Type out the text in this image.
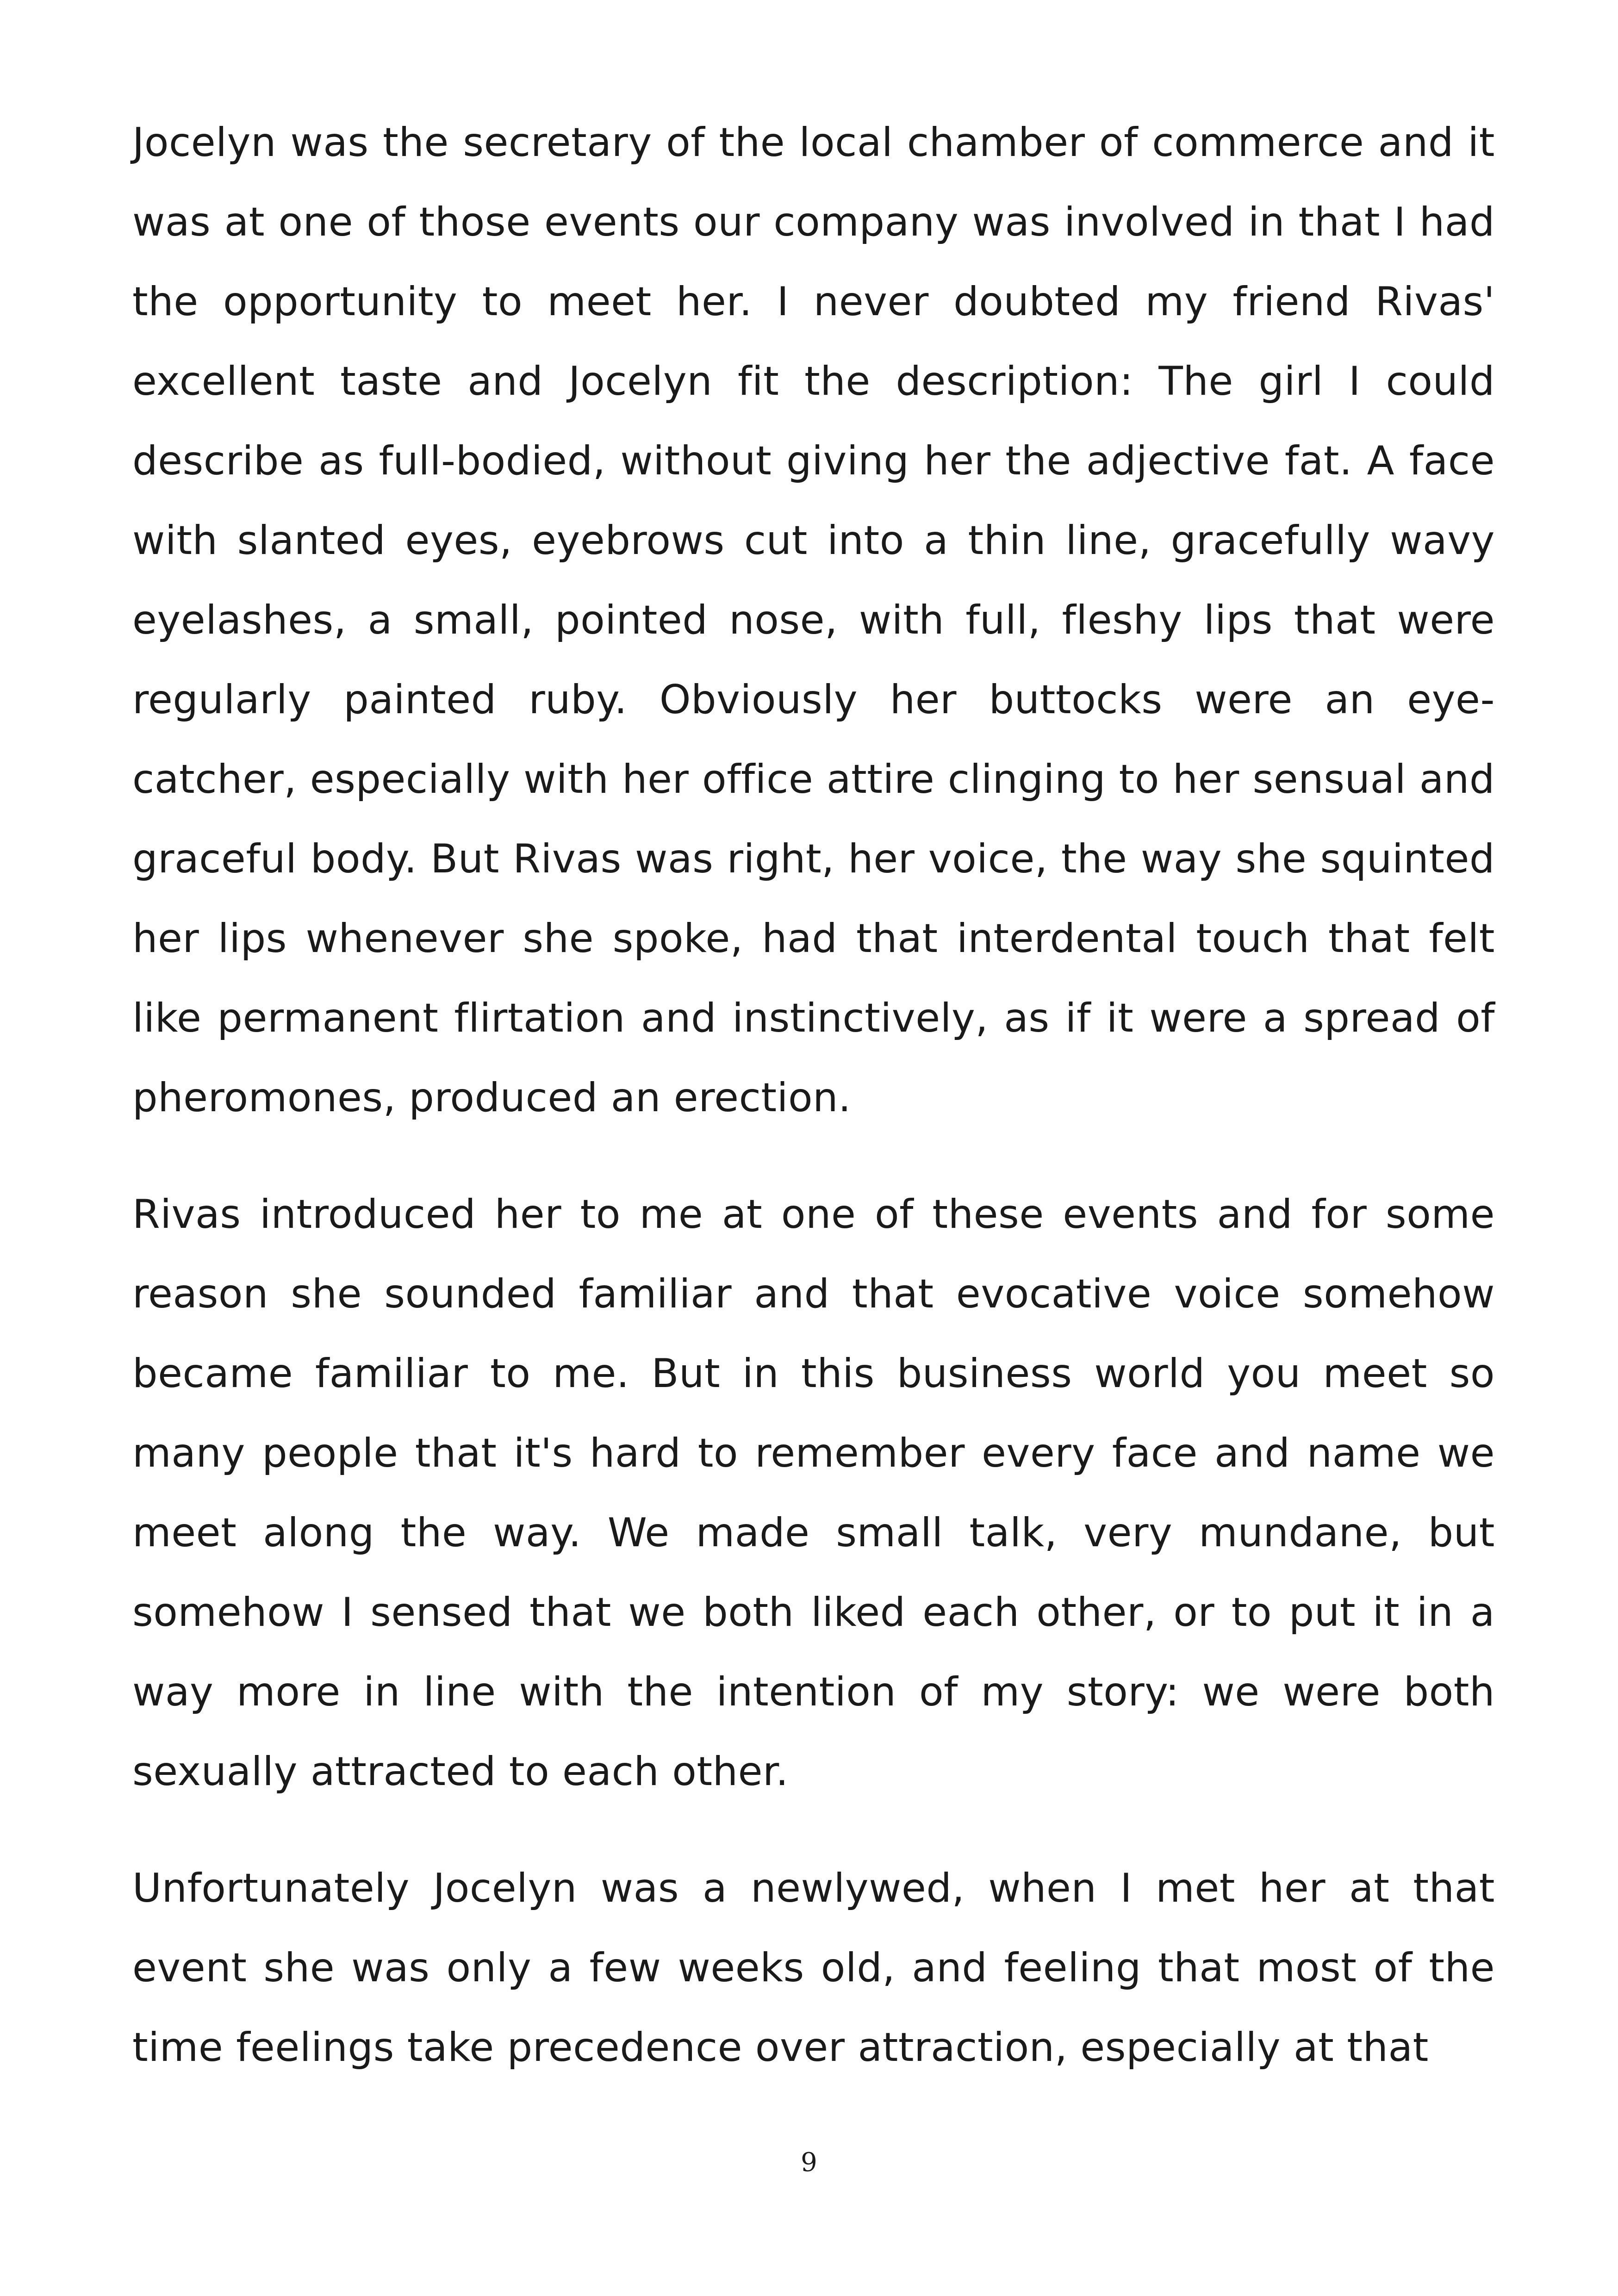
Jocelyn was the secretary of the local chamber of commerce and it was at one of those events our company was involved in that I had the opportunity to meet her. I never doubted my friend Rivas' excellent taste and Jocelyn fit the description: The girl I could describe as full-bodied, without giving her the adjective fat. A face with slanted eyes, eyebrows cut into a thin line, gracefully wavy eyelashes, a small, pointed nose, with full, fleshy lips that were regularly painted ruby. Obviously her buttocks were an eye-catcher, especially with her office attire clinging to her sensual and graceful body. But Rivas was right, her voice, the way she squinted her lips whenever she spoke, had that interdental touch that felt like permanent flirtation and instinctively, as if it were a spread of pheromones, produced an erection.

Rivas introduced her to me at one of these events and for some reason she sounded familiar and that evocative voice somehow became familiar to me. But in this business world you meet so many people that it's hard to remember every face and name we meet along the way. We made small talk, very mundane, but somehow I sensed that we both liked each other, or to put it in a way more in line with the intention of my story: we were both sexually attracted to each other.

Unfortunately Jocelyn was a newlywed, when I met her at that event she was only a few weeks old, and feeling that most of the time feelings take precedence over attraction, especially at that

9
